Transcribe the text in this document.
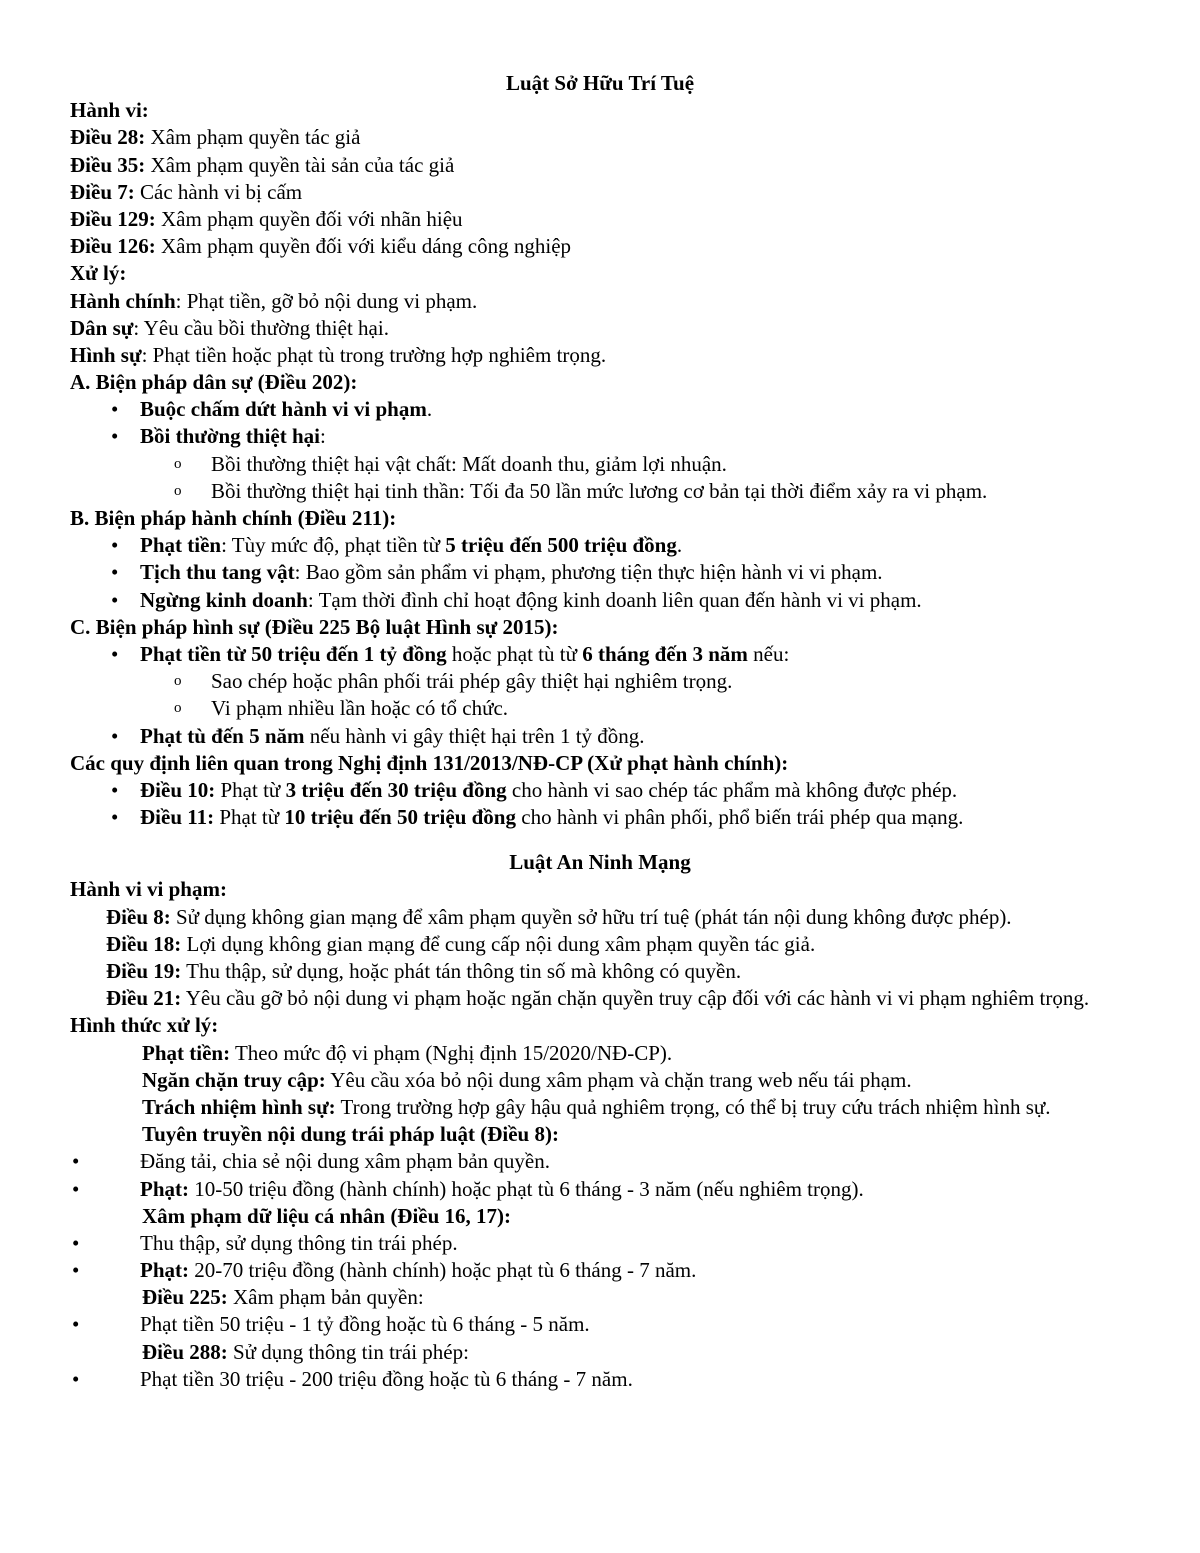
Luật Sở Hữu Trí Tuệ
Hành vi:
Điều 28: Xâm phạm quyền tác giả
Điều 35: Xâm phạm quyền tài sản của tác giả
Điều 7: Các hành vi bị cấm
Điều 129: Xâm phạm quyền đối với nhãn hiệu
Điều 126: Xâm phạm quyền đối với kiểu dáng công nghiệp
Xử lý:
Hành chính: Phạt tiền, gỡ bỏ nội dung vi phạm.
Dân sự: Yêu cầu bồi thường thiệt hại.
Hình sự: Phạt tiền hoặc phạt tù trong trường hợp nghiêm trọng.
A. Biện pháp dân sự (Điều 202):
• Buộc chấm dứt hành vi vi phạm.
• Bồi thường thiệt hại:
o Bồi thường thiệt hại vật chất: Mất doanh thu, giảm lợi nhuận.
o Bồi thường thiệt hại tinh thần: Tối đa 50 lần mức lương cơ bản tại thời điểm xảy ra vi phạm.
B. Biện pháp hành chính (Điều 211):
• Phạt tiền: Tùy mức độ, phạt tiền từ 5 triệu đến 500 triệu đồng.
• Tịch thu tang vật: Bao gồm sản phẩm vi phạm, phương tiện thực hiện hành vi vi phạm.
• Ngừng kinh doanh: Tạm thời đình chỉ hoạt động kinh doanh liên quan đến hành vi vi phạm.
C. Biện pháp hình sự (Điều 225 Bộ luật Hình sự 2015):
• Phạt tiền từ 50 triệu đến 1 tỷ đồng hoặc phạt tù từ 6 tháng đến 3 năm nếu:
o Sao chép hoặc phân phối trái phép gây thiệt hại nghiêm trọng.
o Vi phạm nhiều lần hoặc có tổ chức.
• Phạt tù đến 5 năm nếu hành vi gây thiệt hại trên 1 tỷ đồng.
Các quy định liên quan trong Nghị định 131/2013/NĐ-CP (Xử phạt hành chính):
• Điều 10: Phạt từ 3 triệu đến 30 triệu đồng cho hành vi sao chép tác phẩm mà không được phép.
• Điều 11: Phạt từ 10 triệu đến 50 triệu đồng cho hành vi phân phối, phổ biến trái phép qua mạng.
Luật An Ninh Mạng
Hành vi vi phạm:
Điều 8: Sử dụng không gian mạng để xâm phạm quyền sở hữu trí tuệ (phát tán nội dung không được phép).
Điều 18: Lợi dụng không gian mạng để cung cấp nội dung xâm phạm quyền tác giả.
Điều 19: Thu thập, sử dụng, hoặc phát tán thông tin số mà không có quyền.
Điều 21: Yêu cầu gỡ bỏ nội dung vi phạm hoặc ngăn chặn quyền truy cập đối với các hành vi vi phạm nghiêm trọng.
Hình thức xử lý:
Phạt tiền: Theo mức độ vi phạm (Nghị định 15/2020/NĐ-CP).
Ngăn chặn truy cập: Yêu cầu xóa bỏ nội dung xâm phạm và chặn trang web nếu tái phạm.
Trách nhiệm hình sự: Trong trường hợp gây hậu quả nghiêm trọng, có thể bị truy cứu trách nhiệm hình sự.
Tuyên truyền nội dung trái pháp luật (Điều 8):
•	Đăng tải, chia sẻ nội dung xâm phạm bản quyền.
•	Phạt: 10-50 triệu đồng (hành chính) hoặc phạt tù 6 tháng - 3 năm (nếu nghiêm trọng).
Xâm phạm dữ liệu cá nhân (Điều 16, 17):
•	Thu thập, sử dụng thông tin trái phép.
•	Phạt: 20-70 triệu đồng (hành chính) hoặc phạt tù 6 tháng - 7 năm.
Điều 225: Xâm phạm bản quyền:
•	Phạt tiền 50 triệu - 1 tỷ đồng hoặc tù 6 tháng - 5 năm.
Điều 288: Sử dụng thông tin trái phép:
•	Phạt tiền 30 triệu - 200 triệu đồng hoặc tù 6 tháng - 7 năm.
